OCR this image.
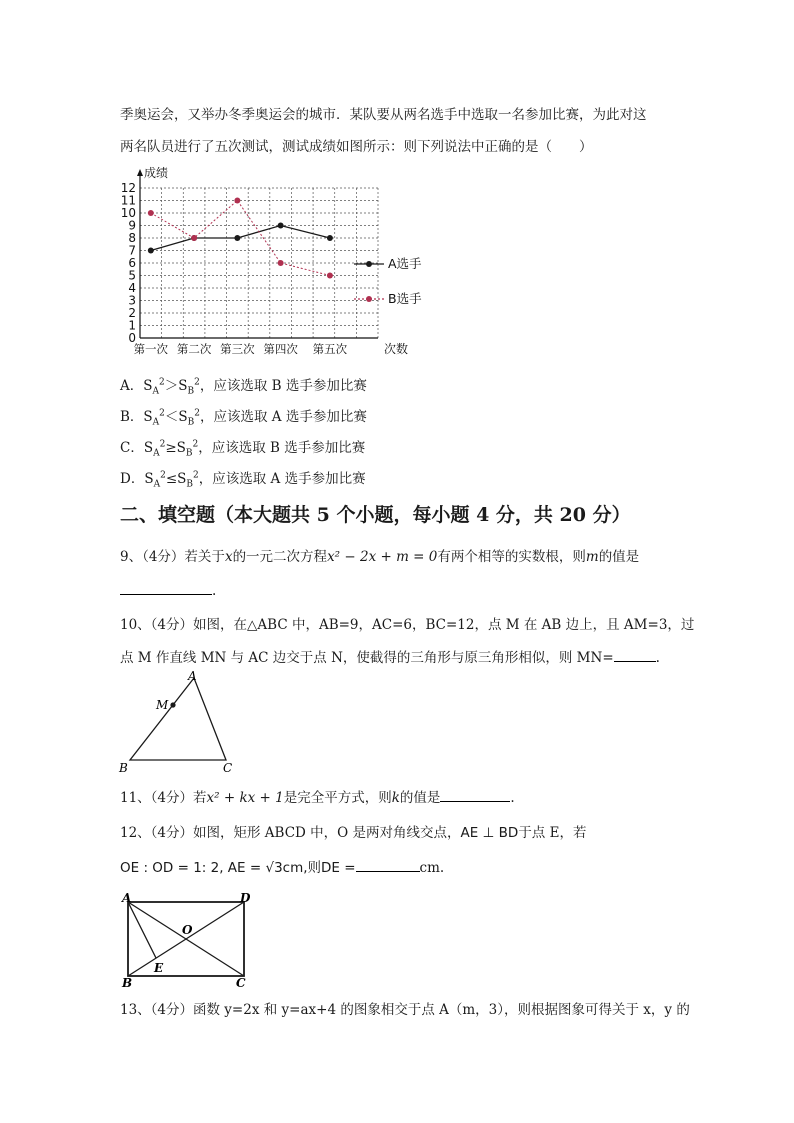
季奥运会，又举办冬季奥运会的城市．某队要从两名选手中选取一名参加比赛，为此对这
两名队员进行了五次测试，测试成绩如图所示：则下列说法中正确的是（　　）
0
1
2
3
4
5
6
7
8
9
10
11
12
成绩
第一次 第二次 第三次 第四次 第五次	次数
A选手
B选手
A．$S_A^2>S_B^2$，应该选取 B 选手参加比赛
B．$S_A^2<S_B^2$，应该选取 A 选手参加比赛
C．$S_A^2\ge S_B^2$，应该选取 B 选手参加比赛
D．$S_A^2\le S_B^2$，应该选取 A 选手参加比赛
二、填空题（本大题共 5 个小题，每小题 4 分，共 20 分）
9、（4分）若关于x的一元二次方程x² − 2x + m = 0有两个相等的实数根，则m的值是
.
10、（4分）如图，在△ABC 中，AB=9，AC=6，BC=12，点 M 在 AB 边上，且 AM=3，过
点 M 作直线 MN 与 AC 边交于点 N，使截得的三角形与原三角形相似，则 MN=	.
A
M
B	C
11、（4分）若x² + kx + 1是完全平方式，则k的值是	.
12、（4分）如图，矩形 ABCD 中，O 是两对角线交点，AE ⊥ BD于点 E，若
OE : OD = 1: 2, AE = √3cm,则DE =	cm.
A	D
O
E
B	C
13、（4分）函数 y=2x 和 y=ax+4 的图象相交于点 A（m，3），则根据图象可得关于 x，y 的
